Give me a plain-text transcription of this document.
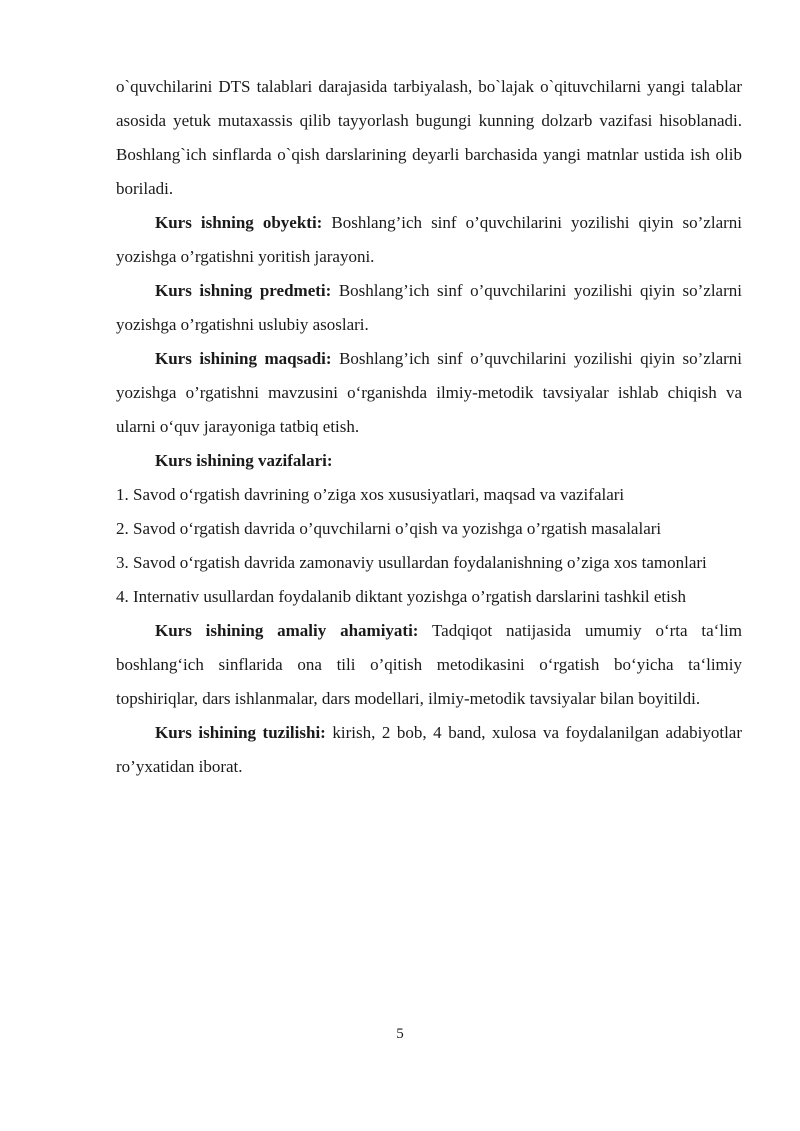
o`quvchilarini DTS talablari darajasida tarbiyalash, bo`lajak o`qituvchilarni yangi talablar asosida yetuk mutaxassis qilib tayyorlash bugungi kunning dolzarb vazifasi hisoblanadi. Boshlang`ich sinflarda o`qish darslarining deyarli barchasida yangi matnlar ustida ish olib boriladi.

Kurs ishning obyekti: Boshlang’ich sinf o’quvchilarini yozilishi qiyin so’zlarni yozishga o’rgatishni yoritish jarayoni.

Kurs ishning predmeti: Boshlang’ich sinf o’quvchilarini yozilishi qiyin so’zlarni yozishga o’rgatishni uslubiy asoslari.

Kurs ishining maqsadi: Boshlang’ich sinf o’quvchilarini yozilishi qiyin so’zlarni yozishga o’rgatishni mavzusini o‘rganishda ilmiy-metodik tavsiyalar ishlab chiqish va ularni o‘quv jarayoniga tatbiq etish.

Kurs ishining vazifalari:

1. Savod o‘rgatish davrining o’ziga xos xususiyatlari, maqsad va vazifalari

2. Savod o‘rgatish davrida o’quvchilarni o’qish va yozishga o’rgatish masalalari

3. Savod o‘rgatish davrida zamonaviy usullardan foydalanishning o’ziga xos tamonlari

4. Internativ usullardan foydalanib diktant yozishga o’rgatish darslarini tashkil etish

Kurs ishining amaliy ahamiyati: Tadqiqot natijasida umumiy o‘rta ta‘lim boshlang‘ich sinflarida ona tili o’qitish metodikasini o‘rgatish bo‘yicha ta‘limiy topshiriqlar, dars ishlanmalar, dars modellari, ilmiy-metodik tavsiyalar bilan boyitildi.

Kurs ishining tuzilishi: kirish, 2 bob, 4 band, xulosa va foydalanilgan adabiyotlar ro’yxatidan iborat.

5
